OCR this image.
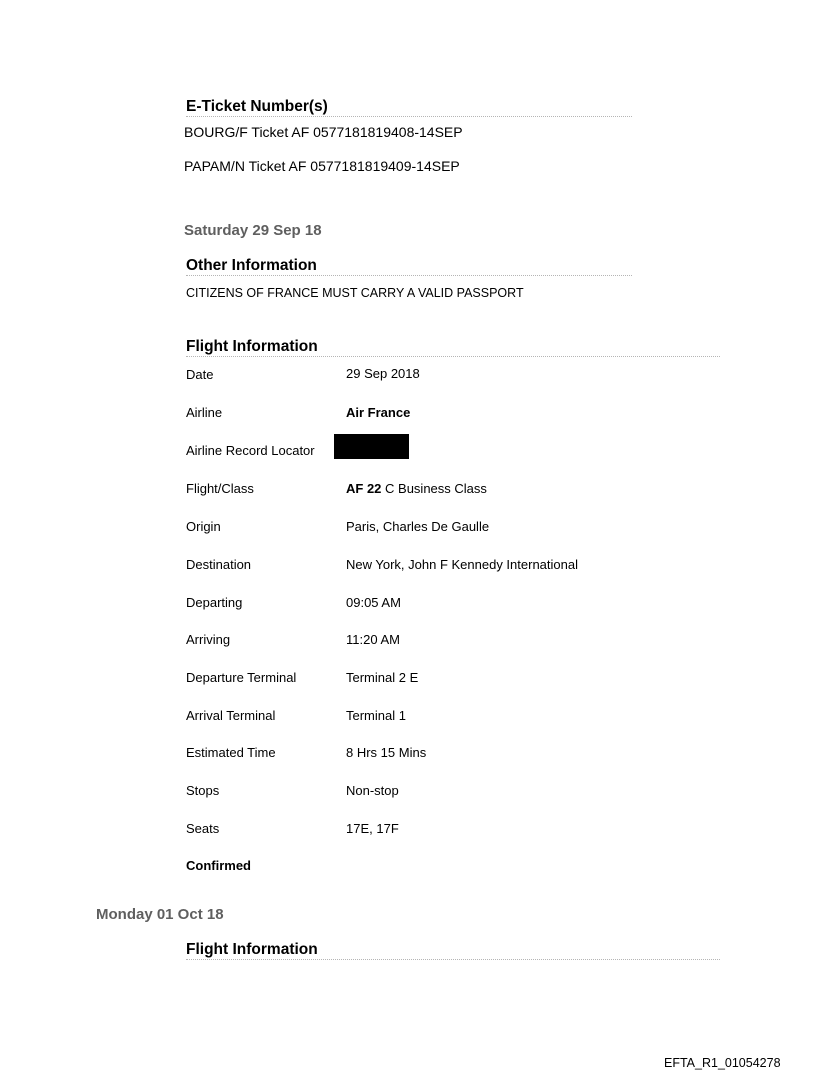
E-Ticket Number(s)
BOURG/F Ticket AF 0577181819408-14SEP
PAPAM/N Ticket AF 0577181819409-14SEP
Saturday 29 Sep 18
Other Information
CITIZENS OF FRANCE MUST CARRY A VALID PASSPORT
Flight Information
Date	29 Sep 2018
Airline	Air France
Airline Record Locator
Flight/Class	AF 22 C Business Class
Origin	Paris, Charles De Gaulle
Destination	New York, John F Kennedy International
Departing	09:05 AM
Arriving	11:20 AM
Departure Terminal	Terminal 2 E
Arrival Terminal	Terminal 1
Estimated Time	8 Hrs 15 Mins
Stops	Non-stop
Seats	17E, 17F
Confirmed
Monday 01 Oct 18
Flight Information
EFTA_R1_01054278
